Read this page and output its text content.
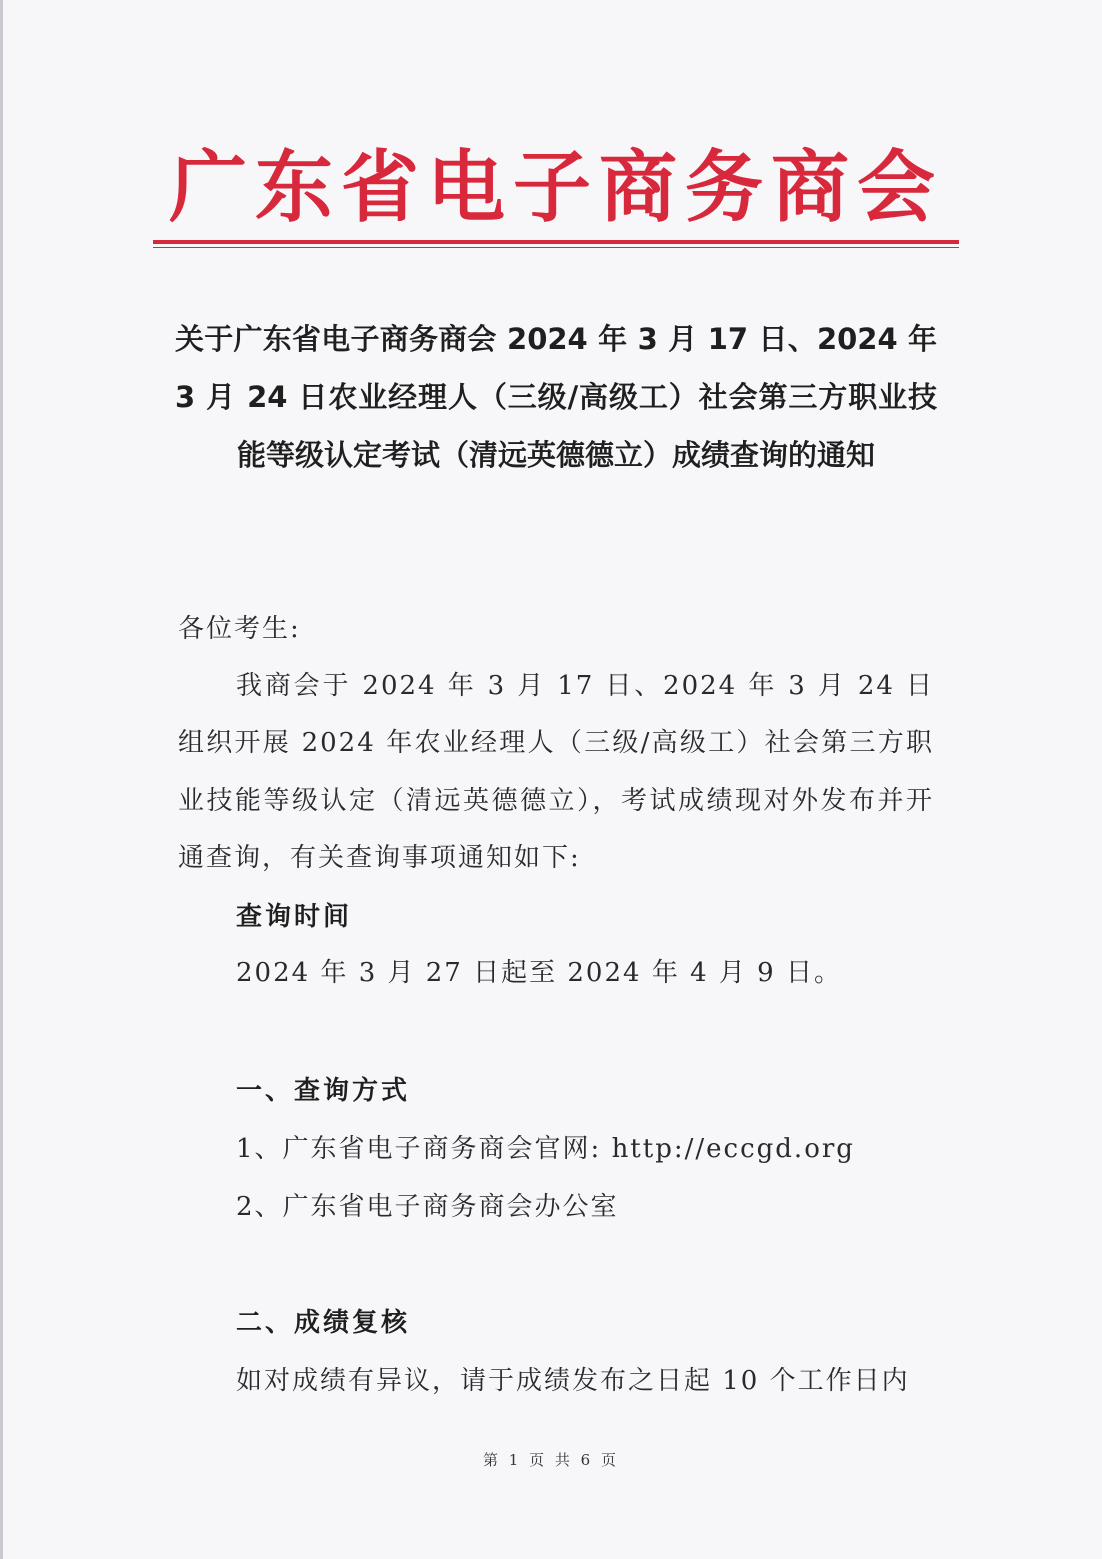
广东省电子商务商会
关于广东省电子商务商会 2024 年 3 月 17 日、2024 年 3 月 24 日农业经理人（三级/高级工）社会第三方职业技能等级认定考试（清远英德德立）成绩查询的通知
各位考生:

我商会于 2024 年 3 月 17 日、2024 年 3 月 24 日组织开展 2024 年农业经理人（三级/高级工）社会第三方职业技能等级认定（清远英德德立），考试成绩现对外发布并开通查询，有关查询事项通知如下:

查询时间
2024 年 3 月 27 日起至 2024 年 4 月 9 日。
一、查询方式
1、广东省电子商务商会官网: http://eccgd.org
2、广东省电子商务商会办公室
二、成绩复核
如对成绩有异议，请于成绩发布之日起 10 个工作日内
第 1 页 共 6 页
